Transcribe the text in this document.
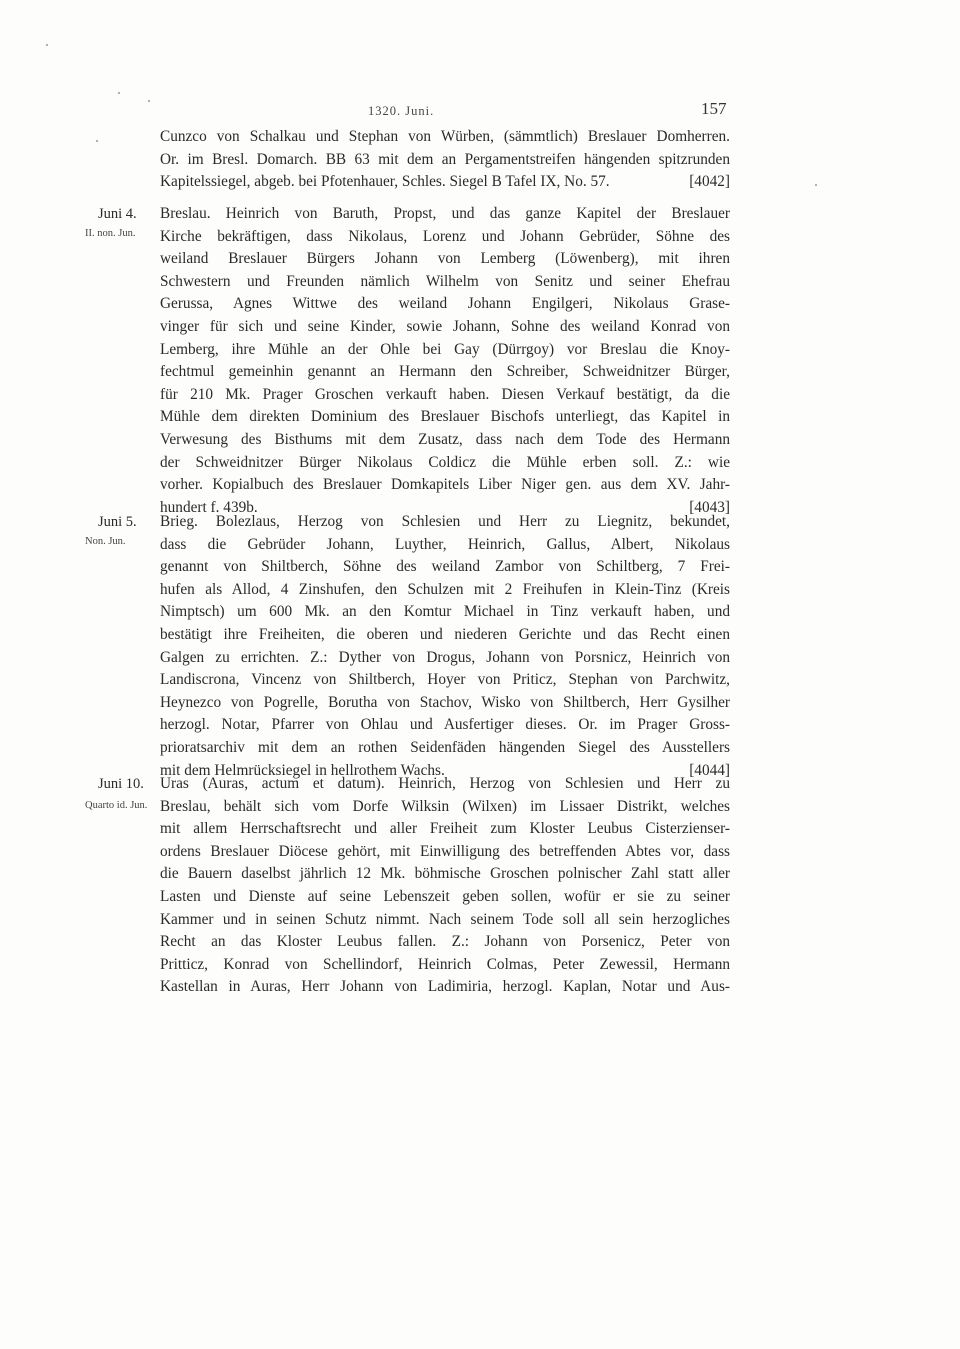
1320. Juni.	157
Cunzco von Schalkau und Stephan von Würben, (sämmtlich) Breslauer Domherren.
Or. im Bresl. Domarch. BB 63 mit dem an Pergamentstreifen hängenden spitzrunden
Kapitelssiegel, abgeb. bei Pfotenhauer, Schles. Siegel B Tafel IX, No. 57.	[4042]
Juni 4.
II. non. Jun.
Breslau. Heinrich von Baruth, Propst, und das ganze Kapitel der Breslauer
Kirche bekräftigen, dass Nikolaus, Lorenz und Johann Gebrüder, Söhne des
weiland Breslauer Bürgers Johann von Lemberg (Löwenberg), mit ihren
Schwestern und Freunden nämlich Wilhelm von Senitz und seiner Ehefrau
Gerussa, Agnes Wittwe des weiland Johann Engilgeri, Nikolaus Grase-
vinger für sich und seine Kinder, sowie Johann, Sohne des weiland Konrad von
Lemberg, ihre Mühle an der Ohle bei Gay (Dürrgoy) vor Breslau die Knoy-
fechtmul gemeinhin genannt an Hermann den Schreiber, Schweidnitzer Bürger,
für 210 Mk. Prager Groschen verkauft haben. Diesen Verkauf bestätigt, da die
Mühle dem direkten Dominium des Breslauer Bischofs unterliegt, das Kapitel in
Verwesung des Bisthums mit dem Zusatz, dass nach dem Tode des Hermann
der Schweidnitzer Bürger Nikolaus Coldicz die Mühle erben soll. Z.: wie
vorher. Kopialbuch des Breslauer Domkapitels Liber Niger gen. aus dem XV. Jahr-
hundert f. 439b.	[4043]
Juni 5.
Non. Jun.
Brieg. Bolezlaus, Herzog von Schlesien und Herr zu Liegnitz, bekundet,
dass die Gebrüder Johann, Luyther, Heinrich, Gallus, Albert, Nikolaus
genannt von Shiltberch, Söhne des weiland Zambor von Schiltberg, 7 Frei-
hufen als Allod, 4 Zinshufen, den Schulzen mit 2 Freihufen in Klein-Tinz (Kreis
Nimptsch) um 600 Mk. an den Komtur Michael in Tinz verkauft haben, und
bestätigt ihre Freiheiten, die oberen und niederen Gerichte und das Recht einen
Galgen zu errichten. Z.: Dyther von Drogus, Johann von Porsnicz, Heinrich von
Landiscrona, Vincenz von Shiltberch, Hoyer von Priticz, Stephan von Parchwitz,
Heynezco von Pogrelle, Borutha von Stachov, Wisko von Shiltberch, Herr Gysilher
herzogl. Notar, Pfarrer von Ohlau und Ausfertiger dieses. Or. im Prager Gross-
prioratsarchiv mit dem an rothen Seidenfäden hängenden Siegel des Ausstellers
mit dem Helmrücksiegel in hellrothem Wachs.	[4044]
Juni 10.
Quarto id. Jun.
Uras (Auras, actum et datum). Heinrich, Herzog von Schlesien und Herr zu
Breslau, behält sich vom Dorfe Wilksin (Wilxen) im Lissaer Distrikt, welches
mit allem Herrschaftsrecht und aller Freiheit zum Kloster Leubus Cisterzienser-
ordens Breslauer Diöcese gehört, mit Einwilligung des betreffenden Abtes vor, dass
die Bauern daselbst jährlich 12 Mk. böhmische Groschen polnischer Zahl statt aller
Lasten und Dienste auf seine Lebenszeit geben sollen, wofür er sie zu seiner
Kammer und in seinen Schutz nimmt. Nach seinem Tode soll all sein herzogliches
Recht an das Kloster Leubus fallen. Z.: Johann von Porsenicz, Peter von
Pritticz, Konrad von Schellindorf, Heinrich Colmas, Peter Zewessil, Hermann
Kastellan in Auras, Herr Johann von Ladimiria, herzogl. Kaplan, Notar und Aus-
